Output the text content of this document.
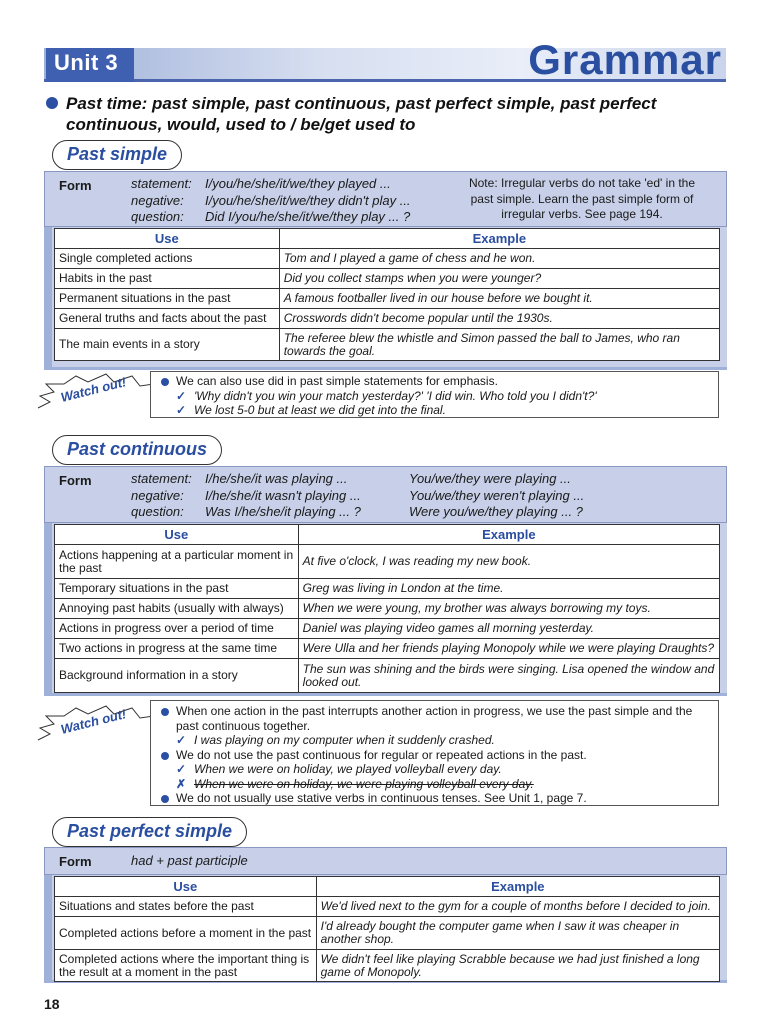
Unit 3	Grammar
Past time: past simple, past continuous, past perfect simple, past perfect continuous, would, used to / be/get used to
Past simple
Form	statement:	I/you/he/she/it/we/they played ...
negative:	I/you/he/she/it/we/they didn't play ...
question:	Did I/you/he/she/it/we/they play ... ?
Note: Irregular verbs do not take 'ed' in the past simple. Learn the past simple form of irregular verbs. See page 194.
Use	Example
Single completed actions	Tom and I played a game of chess and he won.
Habits in the past	Did you collect stamps when you were younger?
Permanent situations in the past	A famous footballer lived in our house before we bought it.
General truths and facts about the past	Crosswords didn't become popular until the 1930s.
The main events in a story	The referee blew the whistle and Simon passed the ball to James, who ran towards the goal.
Watch out!	We can also use did in past simple statements for emphasis.
✓ 'Why didn't you win your match yesterday?' 'I did win. Who told you I didn't?'
✓ We lost 5-0 but at least we did get into the final.
Past continuous
Form	statement:	I/he/she/it was playing ...	You/we/they were playing ...
negative:	I/he/she/it wasn't playing ...	You/we/they weren't playing ...
question:	Was I/he/she/it playing ... ?	Were you/we/they playing ... ?
Use	Example
Actions happening at a particular moment in the past	At five o'clock, I was reading my new book.
Temporary situations in the past	Greg was living in London at the time.
Annoying past habits (usually with always)	When we were young, my brother was always borrowing my toys.
Actions in progress over a period of time	Daniel was playing video games all morning yesterday.
Two actions in progress at the same time	Were Ulla and her friends playing Monopoly while we were playing Draughts?
Background information in a story	The sun was shining and the birds were singing. Lisa opened the window and looked out.
Watch out!	When one action in the past interrupts another action in progress, we use the past simple and the past continuous together.
✓ I was playing on my computer when it suddenly crashed.
We do not use the past continuous for regular or repeated actions in the past.
✓ When we were on holiday, we played volleyball every day.
✗ When we were on holiday, we were playing volleyball every day.
We do not usually use stative verbs in continuous tenses. See Unit 1, page 7.
Past perfect simple
Form	had + past participle
Use	Example
Situations and states before the past	We'd lived next to the gym for a couple of months before I decided to join.
Completed actions before a moment in the past	I'd already bought the computer game when I saw it was cheaper in another shop.
Completed actions where the important thing is the result at a moment in the past	We didn't feel like playing Scrabble because we had just finished a long game of Monopoly.
18
